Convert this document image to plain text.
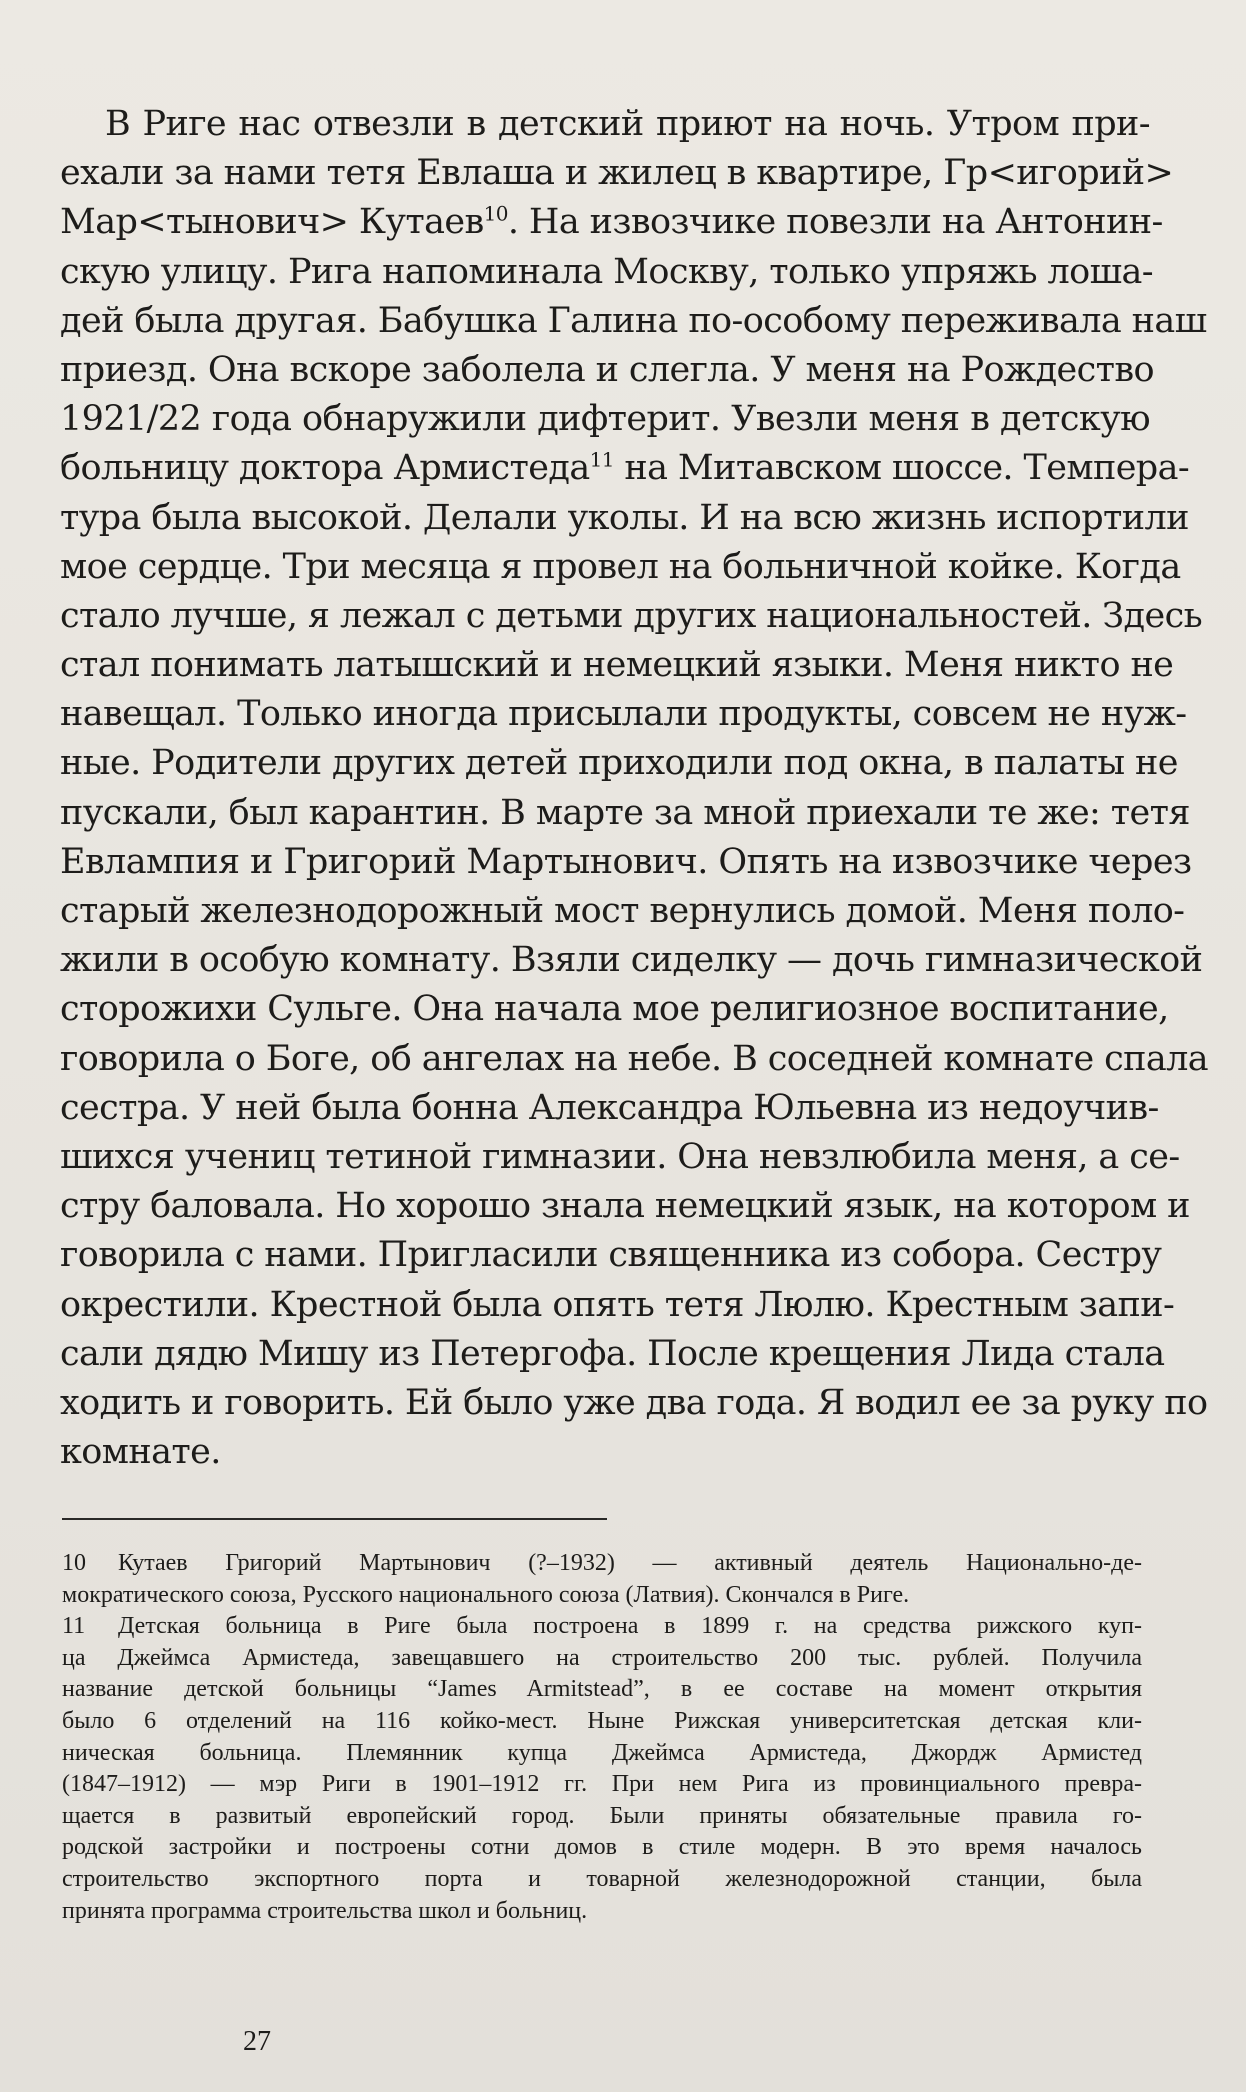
В Риге нас отвезли в детский приют на ночь. Утром при-
ехали за нами тетя Евлаша и жилец в квартире, Гр<игорий>
Мар<тынович> Кутаев$^{10}$. На извозчике повезли на Антонин-
скую улицу. Рига напоминала Москву, только упряжь лоша-
дей была другая. Бабушка Галина по-особому переживала наш
приезд. Она вскоре заболела и слегла. У меня на Рождество
1921/22 года обнаружили дифтерит. Увезли меня в детскую
больницу доктора Армистеда$^{11}$ на Митавском шоссе. Темпера-
тура была высокой. Делали уколы. И на всю жизнь испортили
мое сердце. Три месяца я провел на больничной койке. Когда
стало лучше, я лежал с детьми других национальностей. Здесь
стал понимать латышский и немецкий языки. Меня никто не
навещал. Только иногда присылали продукты, совсем не нуж-
ные. Родители других детей приходили под окна, в палаты не
пускали, был карантин. В марте за мной приехали те же: тетя
Евлампия и Григорий Мартынович. Опять на извозчике через
старый железнодорожный мост вернулись домой. Меня поло-
жили в особую комнату. Взяли сиделку — дочь гимназической
сторожихи Сульге. Она начала мое религиозное воспитание,
говорила о Боге, об ангелах на небе. В соседней комнате спала
сестра. У ней была бонна Александра Юльевна из недоучив-
шихся учениц тетиной гимназии. Она невзлюбила меня, а се-
стру баловала. Но хорошо знала немецкий язык, на котором и
говорила с нами. Пригласили священника из собора. Сестру
окрестили. Крестной была опять тетя Люлю. Крестным запи-
сали дядю Мишу из Петергофа. После крещения Лида стала
ходить и говорить. Ей было уже два года. Я водил ее за руку по
комнате.
10 Кутаев Григорий Мартынович (?–1932) — активный деятель Национально-де-
мократического союза, Русского национального союза (Латвия). Скончался в Риге.
11 Детская больница в Риге была построена в 1899 г. на средства рижского куп-
ца Джеймса Армистеда, завещавшего на строительство 200 тыс. рублей. Получила
название детской больницы “James Armitstead”, в ее составе на момент открытия
было 6 отделений на 116 койко-мест. Ныне Рижская университетская детская кли-
ническая больница. Племянник купца Джеймса Армистеда, Джордж Армистед
(1847–1912) — мэр Риги в 1901–1912 гг. При нем Рига из провинциального превра-
щается в развитый европейский город. Были приняты обязательные правила го-
родской застройки и построены сотни домов в стиле модерн. В это время началось
строительство экспортного порта и товарной железнодорожной станции, была
принята программа строительства школ и больниц.
27
